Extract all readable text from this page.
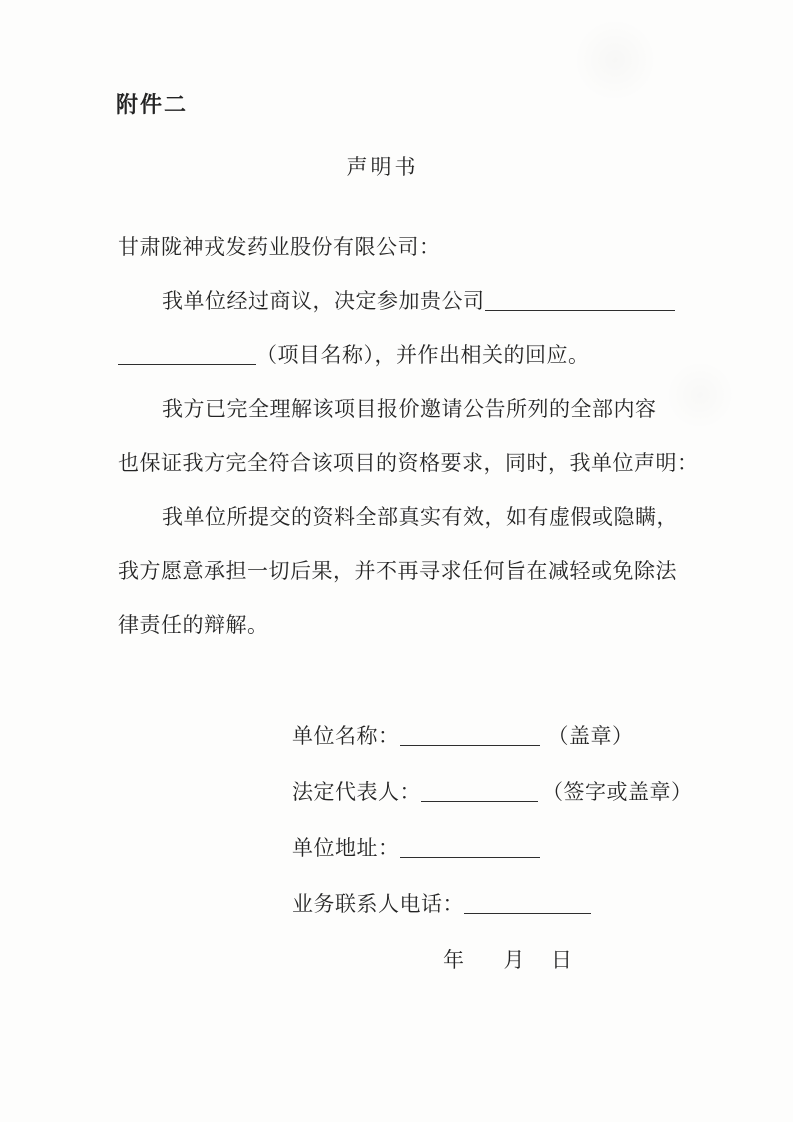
附件二
声明书
甘肃陇神戎发药业股份有限公司：
我单位经过商议，决定参加贵公司
（项目名称），并作出相关的回应。
我方已完全理解该项目报价邀请公告所列的全部内容
也保证我方完全符合该项目的资格要求，同时，我单位声明：
我单位所提交的资料全部真实有效，如有虚假或隐瞒，
我方愿意承担一切后果，并不再寻求任何旨在减轻或免除法
律责任的辩解。
单位名称：	（盖章）
法定代表人：	（签字或盖章）
单位地址：
业务联系人电话：
年 月 日
